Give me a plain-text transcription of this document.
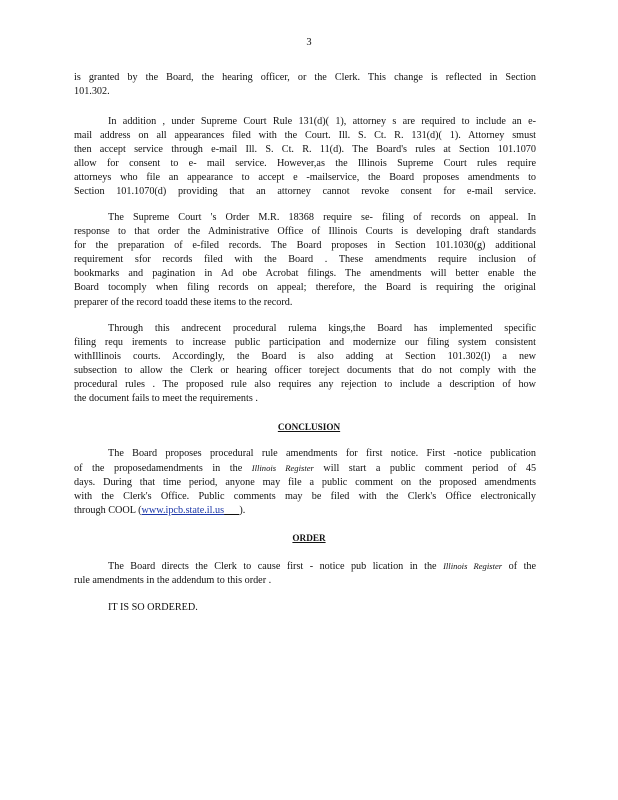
3
is granted by the Board, the hearing officer, or the Clerk. This change is reflected in Section
101.302.
In addition , under Supreme Court Rule 131(d)( 1), attorney s are required to include an e-
mail address on all appearances filed with the Court. Ill. S. Ct. R. 131(d)( 1). Attorney smust
then accept service through e-mail Ill. S. Ct. R. 11(d). The Board's rules at Section 101.1070
allow for consent to e- mail service. However,as the Illinois Supreme Court rules require
attorneys who file an appearance to accept e -mailservice, the Board proposes amendments to
Section 101.1070(d) providing that an attorney cannot revoke consent for e-mail service.
The Supreme Court 's Order M.R. 18368 require se- filing of records on appeal. In
response to that order the Administrative Office of Illinois Courts is developing draft standards
for the preparation of e-filed records. The Board proposes in Section 101.1030(g) additional
requirement sfor records filed with the Board . These amendments require inclusion of
bookmarks and pagination in Ad obe Acrobat filings. The amendments will better enable the
Board tocomply when filing records on appeal; therefore, the Board is requiring the original
preparer of the record toadd these items to the record.
Through this andrecent procedural rulema kings,the Board has implemented specific
filing requ irements to increase public participation and modernize our filing system consistent
withIllinois courts. Accordingly, the Board is also adding at Section 101.302(l) a new
subsection to allow the Clerk or hearing officer toreject documents that do not comply with the
procedural rules . The proposed rule also requires any rejection to include a description of how
the document fails to meet the requirements .
CONCLUSION
The Board proposes procedural rule amendments for first notice. First -notice publication
of the proposedamendments in the Illinois Register will start a public comment period of 45
days. During that time period, anyone may file a public comment on the proposed amendments
with the Clerk's Office. Public comments may be filed with the Clerk's Office electronically
through COOL (www.ipcb.state.il.us ).
ORDER
The Board directs the Clerk to cause first - notice pub lication in the Illinois Register of the
rule amendments in the addendum to this order .
IT IS SO ORDERED.
